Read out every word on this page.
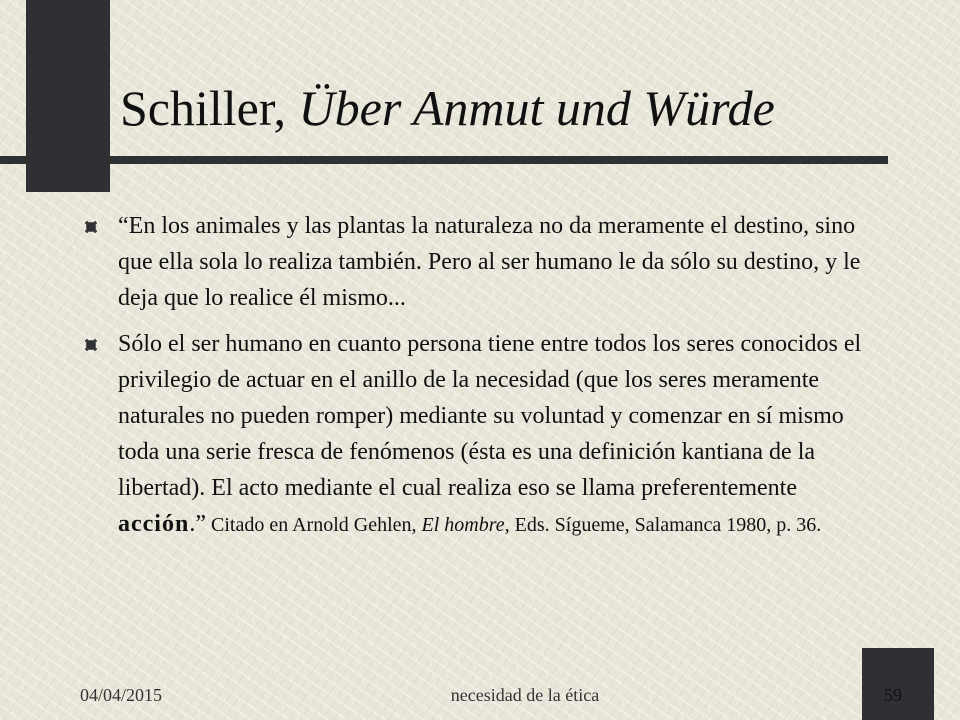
Schiller, Über Anmut und Würde
“En los animales y las plantas la naturaleza no da meramente el destino, sino que ella sola lo realiza también. Pero al ser humano le da sólo su destino, y le deja que lo realice él mismo...
Sólo el ser humano en cuanto persona tiene entre todos los seres conocidos el privilegio de actuar en el anillo de la necesidad (que los seres meramente naturales no pueden romper) mediante su voluntad y comenzar en sí mismo toda una serie fresca de fenómenos (ésta es una definición kantiana de la libertad). El acto mediante el cual realiza eso se llama preferentemente acción.” Citado en Arnold Gehlen, El hombre, Eds. Sígueme, Salamanca 1980, p. 36.
04/04/2015	necesidad de la ética	59
